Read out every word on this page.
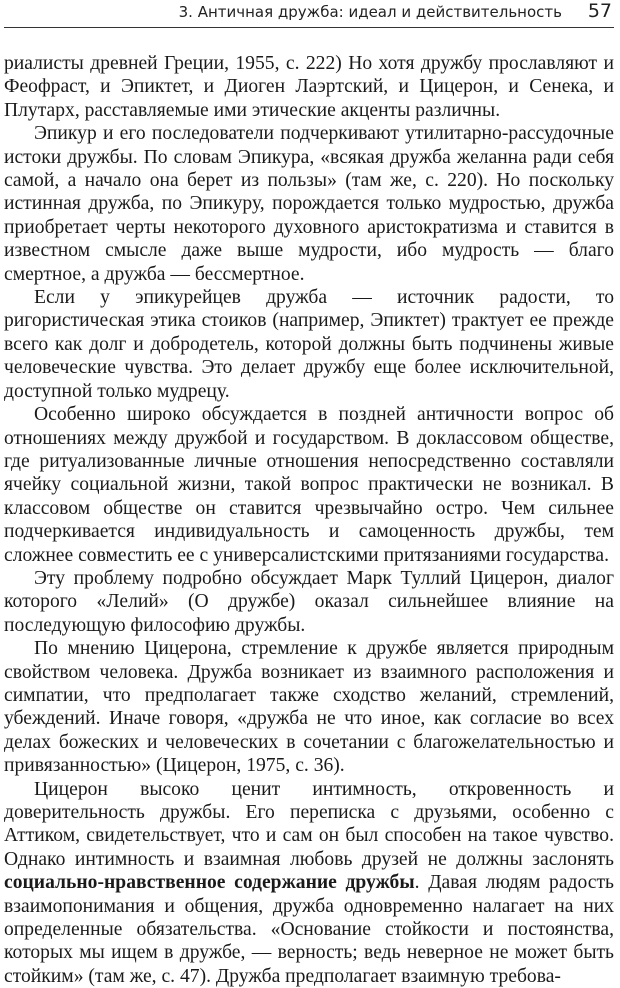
3. Античная дружба: идеал и действительность 57

риалисты древней Греции, 1955, с. 222) Но хотя дружбу прославляют и Феофраст, и Эпиктет, и Диоген Лаэртский, и Цицерон, и Сенека, и Плутарх, расставляемые ими этические акценты различны.

Эпикур и его последователи подчеркивают утилитарно-рассудочные истоки дружбы. По словам Эпикура, «всякая дружба желанна ради себя самой, а начало она берет из пользы» (там же, с. 220). Но поскольку истинная дружба, по Эпикуру, порождается только мудростью, дружба приобретает черты некоторого духовного аристократизма и ставится в известном смысле даже выше мудрости, ибо мудрость — благо смертное, а дружба — бессмертное.

Если у эпикурейцев дружба — источник радости, то ригористическая этика стоиков (например, Эпиктет) трактует ее прежде всего как долг и добродетель, которой должны быть подчинены живые человеческие чувства. Это делает дружбу еще более исключительной, доступной только мудрецу.

Особенно широко обсуждается в поздней античности вопрос об отношениях между дружбой и государством. В доклассовом обществе, где ритуализованные личные отношения непосредственно составляли ячейку социальной жизни, такой вопрос практически не возникал. В классовом обществе он ставится чрезвычайно остро. Чем сильнее подчеркивается индивидуальность и самоценность дружбы, тем сложнее совместить ее с универсалистскими притязаниями государства.

Эту проблему подробно обсуждает Марк Туллий Цицерон, диалог которого «Лелий» (О дружбе) оказал сильнейшее влияние на последующую философию дружбы.

По мнению Цицерона, стремление к дружбе является природным свойством человека. Дружба возникает из взаимного расположения и симпатии, что предполагает также сходство желаний, стремлений, убеждений. Иначе говоря, «дружба не что иное, как согласие во всех делах божеских и человеческих в сочетании с благожелательностью и привязанностью» (Цицерон, 1975, с. 36).

Цицерон высоко ценит интимность, откровенность и доверительность дружбы. Его переписка с друзьями, особенно с Аттиком, свидетельствует, что и сам он был способен на такое чувство. Однако интимность и взаимная любовь друзей не должны заслонять социально-нравственное содержание дружбы. Давая людям радость взаимопонимания и общения, дружба одновременно налагает на них определенные обязательства. «Основание стойкости и постоянства, которых мы ищем в дружбе, — верность; ведь неверное не может быть стойким» (там же, с. 47). Дружба предполагает взаимную требова-
